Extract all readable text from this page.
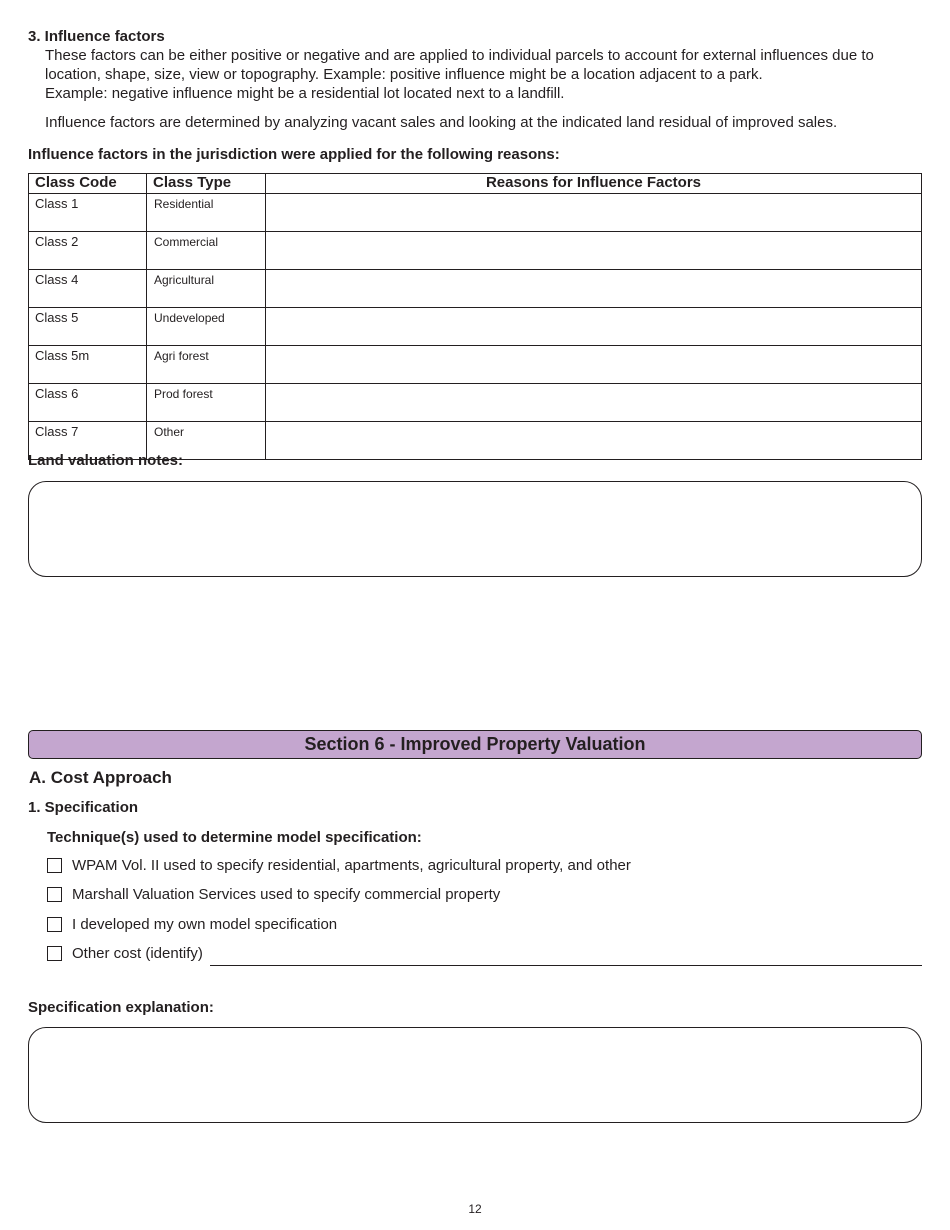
3. Influence factors
These factors can be either positive or negative and are applied to individual parcels to account for external influences due to
location, shape, size, view or topography. Example: positive influence might be a location adjacent to a park.
Example: negative influence might be a residential lot located next to a landfill.
Influence factors are determined by analyzing vacant sales and looking at the indicated land residual of improved sales.
Influence factors in the jurisdiction were applied for the following reasons:
Class Code	Class Type	Reasons for Influence Factors
Class 1	Residential	
Class 2	Commercial	
Class 4	Agricultural	
Class 5	Undeveloped	
Class 5m	Agri forest	
Class 6	Prod forest	
Class 7	Other	
Land valuation notes:
Section 6 - Improved Property Valuation
A. Cost Approach
1. Specification
Technique(s) used to determine model specification:
WPAM Vol. II used to specify residential, apartments, agricultural property, and other
Marshall Valuation Services used to specify commercial property
I developed my own model specification
Other cost (identify)
Specification explanation:
12
